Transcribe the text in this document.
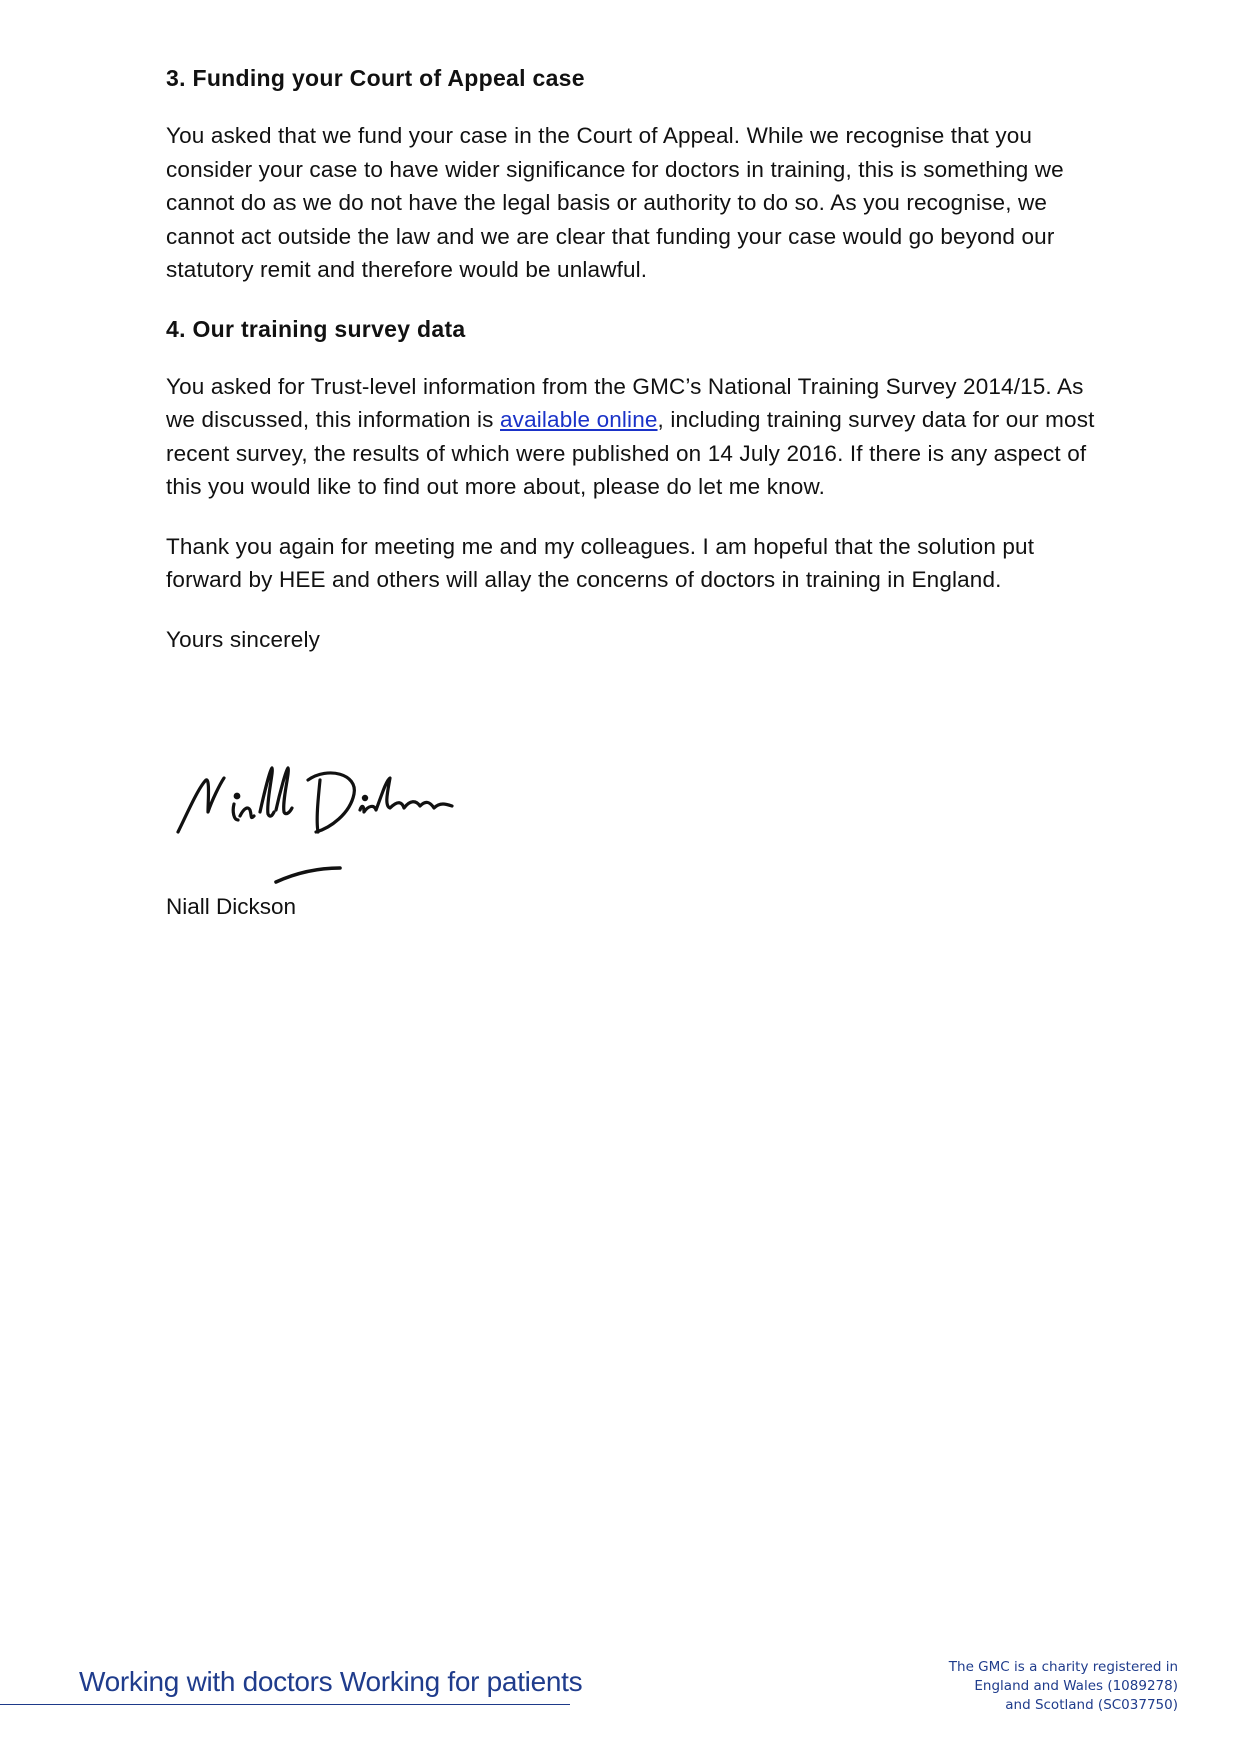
3. Funding your Court of Appeal case

You asked that we fund your case in the Court of Appeal. While we recognise that you consider your case to have wider significance for doctors in training, this is something we cannot do as we do not have the legal basis or authority to do so. As you recognise, we cannot act outside the law and we are clear that funding your case would go beyond our statutory remit and therefore would be unlawful.

4. Our training survey data

You asked for Trust-level information from the GMC’s National Training Survey 2014/15. As we discussed, this information is available online, including training survey data for our most recent survey, the results of which were published on 14 July 2016. If there is any aspect of this you would like to find out more about, please do let me know.

Thank you again for meeting me and my colleagues. I am hopeful that the solution put forward by HEE and others will allay the concerns of doctors in training in England.

Yours sincerely

Niall Dickson
Working with doctors Working for patients	The GMC is a charity registered in
England and Wales (1089278)
and Scotland (SC037750)
